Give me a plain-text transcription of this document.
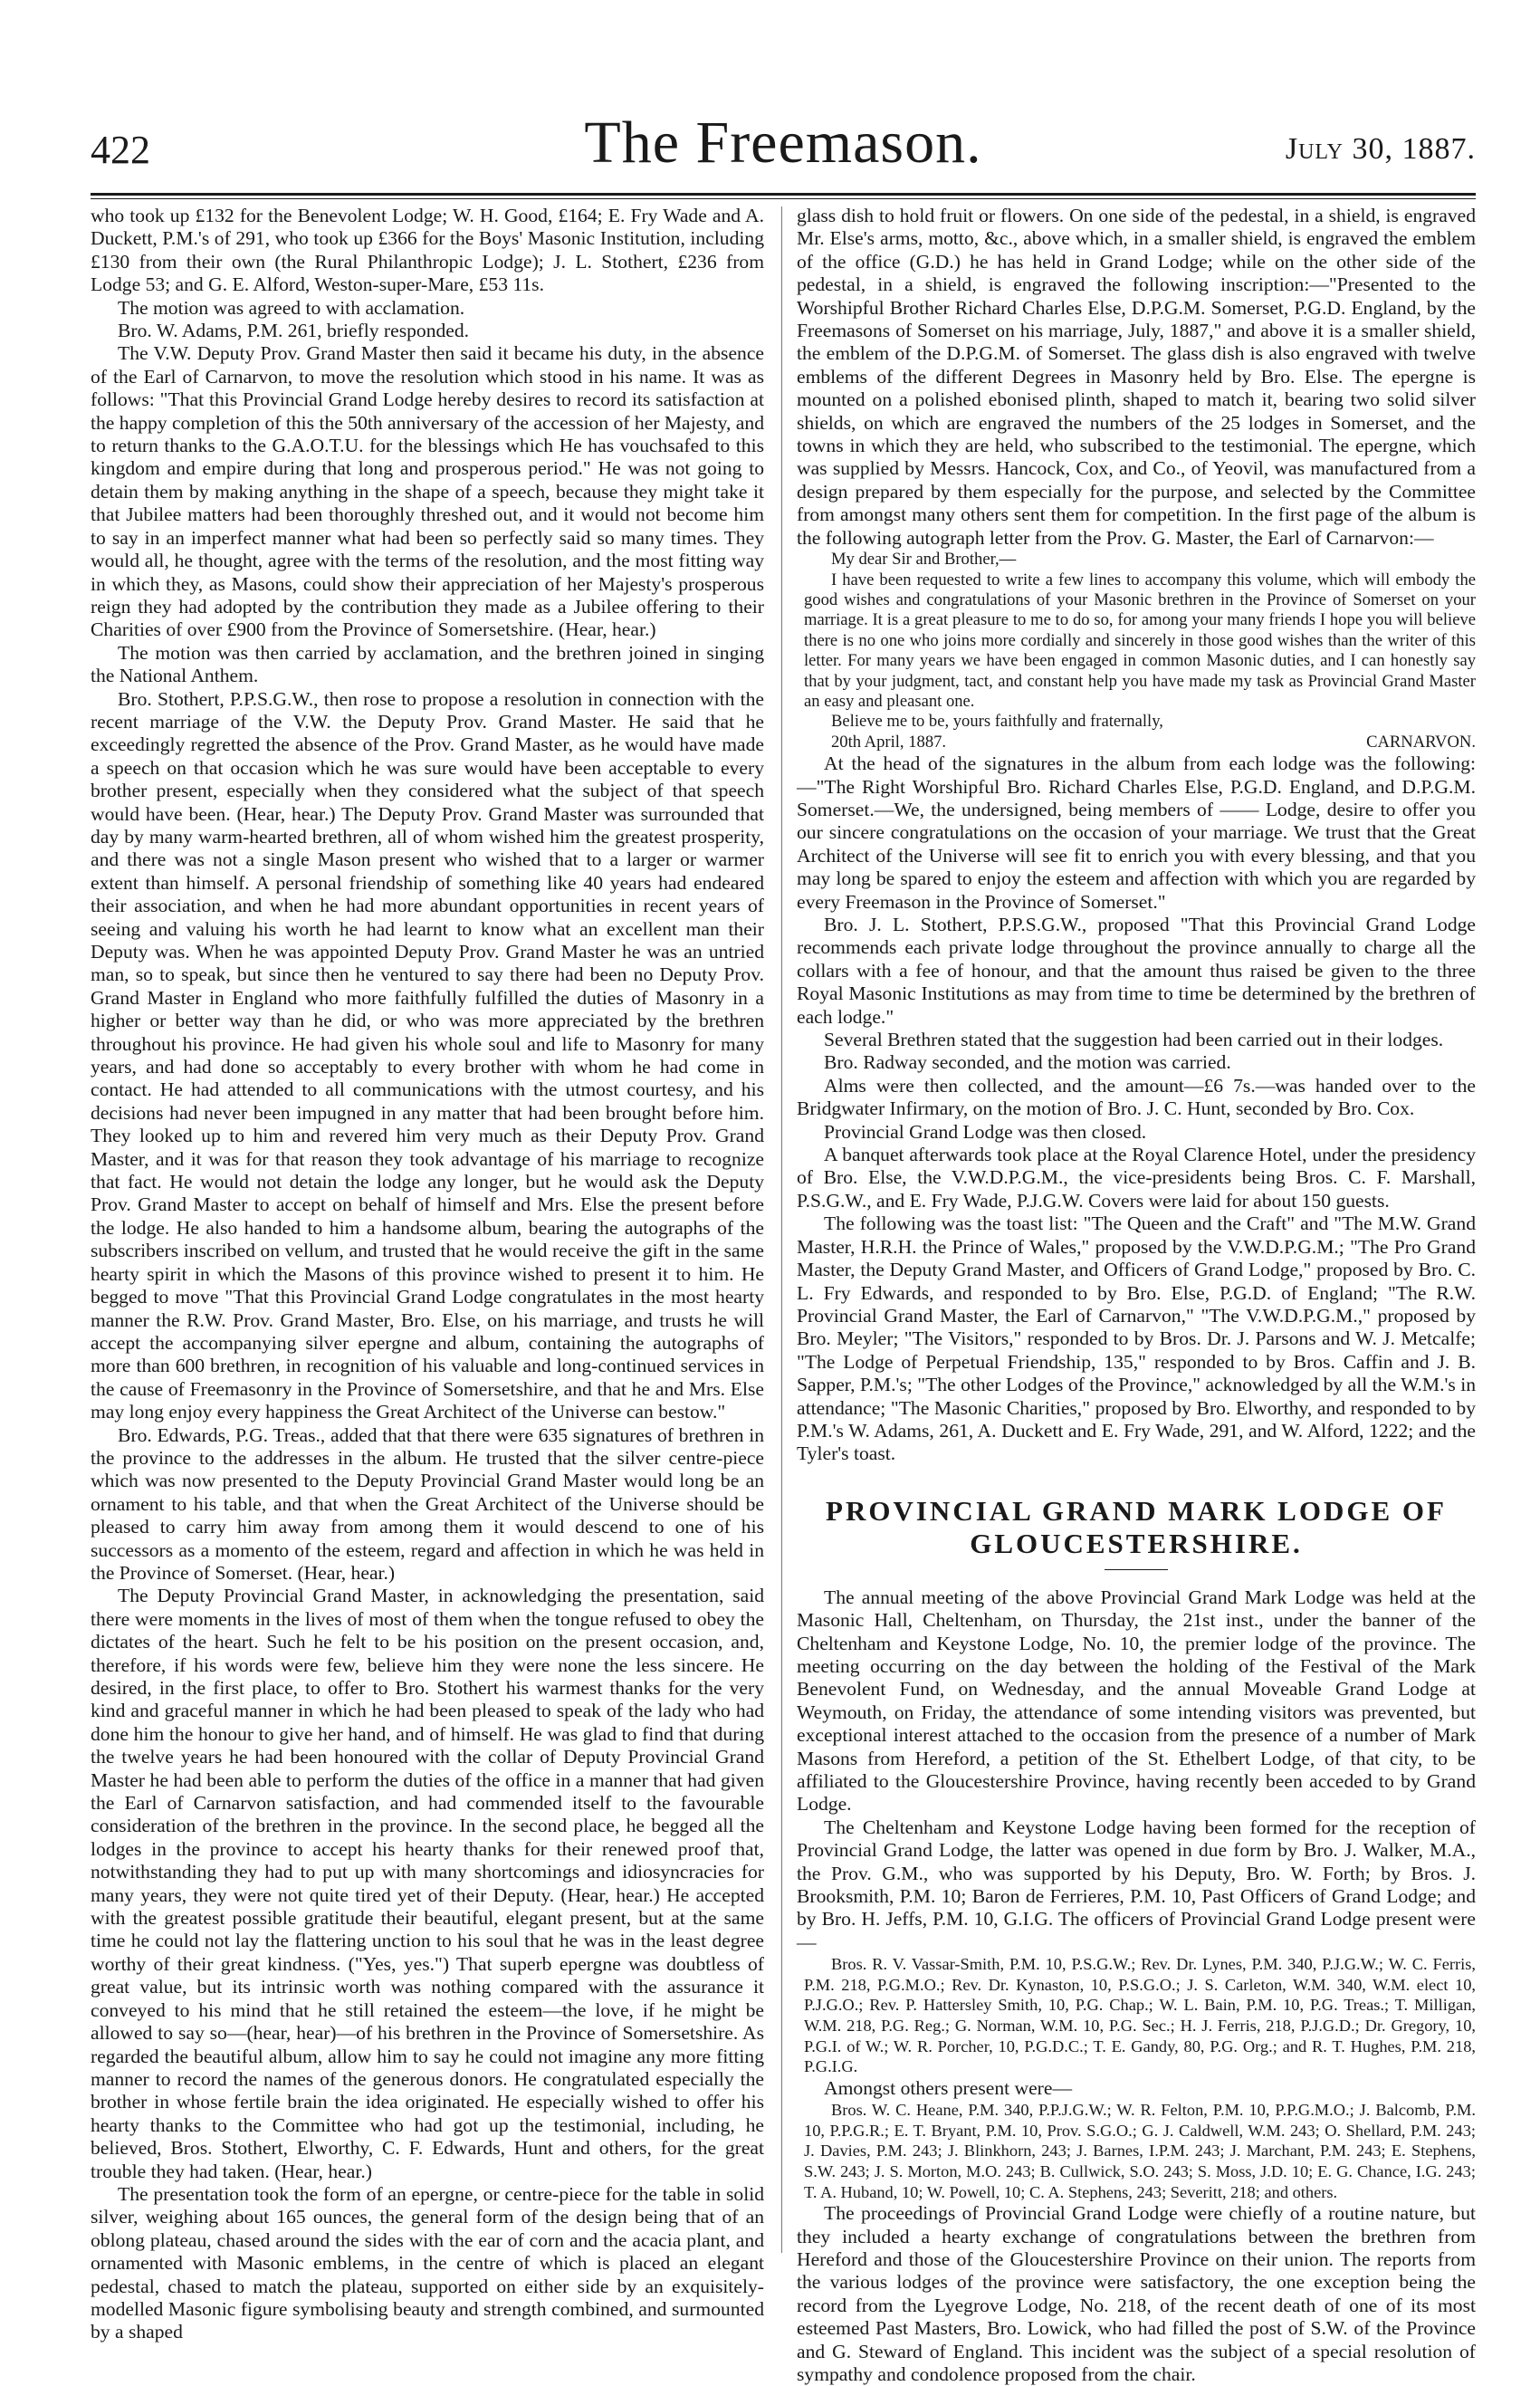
422	The Freemason.	July 30, 1887.

who took up £132 for the Benevolent Lodge; W. H. Good, £164; E. Fry Wade and A. Duckett, P.M.'s of 291, who took up £366 for the Boys' Masonic Institution, including £130 from their own (the Rural Philanthropic Lodge); J. L. Stothert, £236 from Lodge 53; and G. E. Alford, Weston-super-Mare, £53 11s.

The motion was agreed to with acclamation.

Bro. W. Adams, P.M. 261, briefly responded.

The V.W. Deputy Prov. Grand Master then said it became his duty, in the absence of the Earl of Carnarvon, to move the resolution which stood in his name. It was as follows: "That this Provincial Grand Lodge hereby desires to record its satisfaction at the happy completion of this the 50th anniversary of the accession of her Majesty, and to return thanks to the G.A.O.T.U. for the blessings which He has vouchsafed to this kingdom and empire during that long and prosperous period." He was not going to detain them by making anything in the shape of a speech, because they might take it that Jubilee matters had been thoroughly threshed out, and it would not become him to say in an imperfect manner what had been so perfectly said so many times. They would all, he thought, agree with the terms of the resolution, and the most fitting way in which they, as Masons, could show their appreciation of her Majesty's prosperous reign they had adopted by the contribution they made as a Jubilee offering to their Charities of over £900 from the Province of Somersetshire. (Hear, hear.)

The motion was then carried by acclamation, and the brethren joined in singing the National Anthem.

Bro. Stothert, P.P.S.G.W., then rose to propose a resolution in connection with the recent marriage of the V.W. the Deputy Prov. Grand Master. He said that he exceedingly regretted the absence of the Prov. Grand Master, as he would have made a speech on that occasion which he was sure would have been acceptable to every brother present, especially when they considered what the subject of that speech would have been. (Hear, hear.) The Deputy Prov. Grand Master was surrounded that day by many warm-hearted brethren, all of whom wished him the greatest prosperity, and there was not a single Mason present who wished that to a larger or warmer extent than himself. A personal friendship of something like 40 years had endeared their association, and when he had more abundant opportunities in recent years of seeing and valuing his worth he had learnt to know what an excellent man their Deputy was. When he was appointed Deputy Prov. Grand Master he was an untried man, so to speak, but since then he ventured to say there had been no Deputy Prov. Grand Master in England who more faithfully fulfilled the duties of Masonry in a higher or better way than he did, or who was more appreciated by the brethren throughout his province. He had given his whole soul and life to Masonry for many years, and had done so acceptably to every brother with whom he had come in contact. He had attended to all communications with the utmost courtesy, and his decisions had never been impugned in any matter that had been brought before him. They looked up to him and revered him very much as their Deputy Prov. Grand Master, and it was for that reason they took advantage of his marriage to recognize that fact. He would not detain the lodge any longer, but he would ask the Deputy Prov. Grand Master to accept on behalf of himself and Mrs. Else the present before the lodge. He also handed to him a handsome album, bearing the autographs of the subscribers inscribed on vellum, and trusted that he would receive the gift in the same hearty spirit in which the Masons of this province wished to present it to him. He begged to move "That this Provincial Grand Lodge congratulates in the most hearty manner the R.W. Prov. Grand Master, Bro. Else, on his marriage, and trusts he will accept the accompanying silver epergne and album, containing the autographs of more than 600 brethren, in recognition of his valuable and long-continued services in the cause of Freemasonry in the Province of Somersetshire, and that he and Mrs. Else may long enjoy every happiness the Great Architect of the Universe can bestow."

Bro. Edwards, P.G. Treas., added that that there were 635 signatures of brethren in the province to the addresses in the album. He trusted that the silver centre-piece which was now presented to the Deputy Provincial Grand Master would long be an ornament to his table, and that when the Great Architect of the Universe should be pleased to carry him away from among them it would descend to one of his successors as a momento of the esteem, regard and affection in which he was held in the Province of Somerset. (Hear, hear.)

The Deputy Provincial Grand Master, in acknowledging the presentation, said there were moments in the lives of most of them when the tongue refused to obey the dictates of the heart. Such he felt to be his position on the present occasion, and, therefore, if his words were few, believe him they were none the less sincere. He desired, in the first place, to offer to Bro. Stothert his warmest thanks for the very kind and graceful manner in which he had been pleased to speak of the lady who had done him the honour to give her hand, and of himself. He was glad to find that during the twelve years he had been honoured with the collar of Deputy Provincial Grand Master he had been able to perform the duties of the office in a manner that had given the Earl of Carnarvon satisfaction, and had commended itself to the favourable consideration of the brethren in the province. In the second place, he begged all the lodges in the province to accept his hearty thanks for their renewed proof that, notwithstanding they had to put up with many shortcomings and idiosyncracies for many years, they were not quite tired yet of their Deputy. (Hear, hear.) He accepted with the greatest possible gratitude their beautiful, elegant present, but at the same time he could not lay the flattering unction to his soul that he was in the least degree worthy of their great kindness. ("Yes, yes.") That superb epergne was doubtless of great value, but its intrinsic worth was nothing compared with the assurance it conveyed to his mind that he still retained the esteem—the love, if he might be allowed to say so—(hear, hear)—of his brethren in the Province of Somersetshire. As regarded the beautiful album, allow him to say he could not imagine any more fitting manner to record the names of the generous donors. He congratulated especially the brother in whose fertile brain the idea originated. He especially wished to offer his hearty thanks to the Committee who had got up the testimonial, including, he believed, Bros. Stothert, Elworthy, C. F. Edwards, Hunt and others, for the great trouble they had taken. (Hear, hear.)

The presentation took the form of an epergne, or centre-piece for the table in solid silver, weighing about 165 ounces, the general form of the design being that of an oblong plateau, chased around the sides with the ear of corn and the acacia plant, and ornamented with Masonic emblems, in the centre of which is placed an elegant pedestal, chased to match the plateau, supported on either side by an exquisitely-modelled Masonic figure symbolising beauty and strength combined, and surmounted by a shaped

glass dish to hold fruit or flowers. On one side of the pedestal, in a shield, is engraved Mr. Else's arms, motto, &c., above which, in a smaller shield, is engraved the emblem of the office (G.D.) he has held in Grand Lodge; while on the other side of the pedestal, in a shield, is engraved the following inscription:—"Presented to the Worshipful Brother Richard Charles Else, D.P.G.M. Somerset, P.G.D. England, by the Freemasons of Somerset on his marriage, July, 1887," and above it is a smaller shield, the emblem of the D.P.G.M. of Somerset. The glass dish is also engraved with twelve emblems of the different Degrees in Masonry held by Bro. Else. The epergne is mounted on a polished ebonised plinth, shaped to match it, bearing two solid silver shields, on which are engraved the numbers of the 25 lodges in Somerset, and the towns in which they are held, who subscribed to the testimonial. The epergne, which was supplied by Messrs. Hancock, Cox, and Co., of Yeovil, was manufactured from a design prepared by them especially for the purpose, and selected by the Committee from amongst many others sent them for competition. In the first page of the album is the following autograph letter from the Prov. G. Master, the Earl of Carnarvon:—

My dear Sir and Brother,—

I have been requested to write a few lines to accompany this volume, which will embody the good wishes and congratulations of your Masonic brethren in the Province of Somerset on your marriage. It is a great pleasure to me to do so, for among your many friends I hope you will believe there is no one who joins more cordially and sincerely in those good wishes than the writer of this letter. For many years we have been engaged in common Masonic duties, and I can honestly say that by your judgment, tact, and constant help you have made my task as Provincial Grand Master an easy and pleasant one.

Believe me to be, yours faithfully and fraternally,

20th April, 1887.	CARNARVON.

At the head of the signatures in the album from each lodge was the following:—"The Right Worshipful Bro. Richard Charles Else, P.G.D. England, and D.P.G.M. Somerset.—We, the undersigned, being members of —— Lodge, desire to offer you our sincere congratulations on the occasion of your marriage. We trust that the Great Architect of the Universe will see fit to enrich you with every blessing, and that you may long be spared to enjoy the esteem and affection with which you are regarded by every Freemason in the Province of Somerset."

Bro. J. L. Stothert, P.P.S.G.W., proposed "That this Provincial Grand Lodge recommends each private lodge throughout the province annually to charge all the collars with a fee of honour, and that the amount thus raised be given to the three Royal Masonic Institutions as may from time to time be determined by the brethren of each lodge."

Several Brethren stated that the suggestion had been carried out in their lodges.

Bro. Radway seconded, and the motion was carried.

Alms were then collected, and the amount—£6 7s.—was handed over to the Bridgwater Infirmary, on the motion of Bro. J. C. Hunt, seconded by Bro. Cox.

Provincial Grand Lodge was then closed.

A banquet afterwards took place at the Royal Clarence Hotel, under the presidency of Bro. Else, the V.W.D.P.G.M., the vice-presidents being Bros. C. F. Marshall, P.S.G.W., and E. Fry Wade, P.J.G.W. Covers were laid for about 150 guests.

The following was the toast list: "The Queen and the Craft" and "The M.W. Grand Master, H.R.H. the Prince of Wales," proposed by the V.W.D.P.G.M.; "The Pro Grand Master, the Deputy Grand Master, and Officers of Grand Lodge," proposed by Bro. C. L. Fry Edwards, and responded to by Bro. Else, P.G.D. of England; "The R.W. Provincial Grand Master, the Earl of Carnarvon," "The V.W.D.P.G.M.," proposed by Bro. Meyler; "The Visitors," responded to by Bros. Dr. J. Parsons and W. J. Metcalfe; "The Lodge of Perpetual Friendship, 135," responded to by Bros. Caffin and J. B. Sapper, P.M.'s; "The other Lodges of the Province," acknowledged by all the W.M.'s in attendance; "The Masonic Charities," proposed by Bro. Elworthy, and responded to by P.M.'s W. Adams, 261, A. Duckett and E. Fry Wade, 291, and W. Alford, 1222; and the Tyler's toast.

PROVINCIAL GRAND MARK LODGE OF GLOUCESTERSHIRE.

The annual meeting of the above Provincial Grand Mark Lodge was held at the Masonic Hall, Cheltenham, on Thursday, the 21st inst., under the banner of the Cheltenham and Keystone Lodge, No. 10, the premier lodge of the province. The meeting occurring on the day between the holding of the Festival of the Mark Benevolent Fund, on Wednesday, and the annual Moveable Grand Lodge at Weymouth, on Friday, the attendance of some intending visitors was prevented, but exceptional interest attached to the occasion from the presence of a number of Mark Masons from Hereford, a petition of the St. Ethelbert Lodge, of that city, to be affiliated to the Gloucestershire Province, having recently been acceded to by Grand Lodge.

The Cheltenham and Keystone Lodge having been formed for the reception of Provincial Grand Lodge, the latter was opened in due form by Bro. J. Walker, M.A., the Prov. G.M., who was supported by his Deputy, Bro. W. Forth; by Bros. J. Brooksmith, P.M. 10; Baron de Ferrieres, P.M. 10, Past Officers of Grand Lodge; and by Bro. H. Jeffs, P.M. 10, G.I.G. The officers of Provincial Grand Lodge present were—

Bros. R. V. Vassar-Smith, P.M. 10, P.S.G.W.; Rev. Dr. Lynes, P.M. 340, P.J.G.W.; W. C. Ferris, P.M. 218, P.G.M.O.; Rev. Dr. Kynaston, 10, P.S.G.O.; J. S. Carleton, W.M. 340, W.M. elect 10, P.J.G.O.; Rev. P. Hattersley Smith, 10, P.G. Chap.; W. L. Bain, P.M. 10, P.G. Treas.; T. Milligan, W.M. 218, P.G. Reg.; G. Norman, W.M. 10, P.G. Sec.; H. J. Ferris, 218, P.J.G.D.; Dr. Gregory, 10, P.G.I. of W.; W. R. Porcher, 10, P.G.D.C.; T. E. Gandy, 80, P.G. Org.; and R. T. Hughes, P.M. 218, P.G.I.G.

Amongst others present were—

Bros. W. C. Heane, P.M. 340, P.P.J.G.W.; W. R. Felton, P.M. 10, P.P.G.M.O.; J. Balcomb, P.M. 10, P.P.G.R.; E. T. Bryant, P.M. 10, Prov. S.G.O.; G. J. Caldwell, W.M. 243; O. Shellard, P.M. 243; J. Davies, P.M. 243; J. Blinkhorn, 243; J. Barnes, I.P.M. 243; J. Marchant, P.M. 243; E. Stephens, S.W. 243; J. S. Morton, M.O. 243; B. Cullwick, S.O. 243; S. Moss, J.D. 10; E. G. Chance, I.G. 243; T. A. Huband, 10; W. Powell, 10; C. A. Stephens, 243; Severitt, 218; and others.

The proceedings of Provincial Grand Lodge were chiefly of a routine nature, but they included a hearty exchange of congratulations between the brethren from Hereford and those of the Gloucestershire Province on their union. The reports from the various lodges of the province were satisfactory, the one exception being the record from the Lyegrove Lodge, No. 218, of the recent death of one of its most esteemed Past Masters, Bro. Lowick, who had filled the post of S.W. of the Province and G. Steward of England. This incident was the subject of a special resolution of sympathy and condolence proposed from the chair.
